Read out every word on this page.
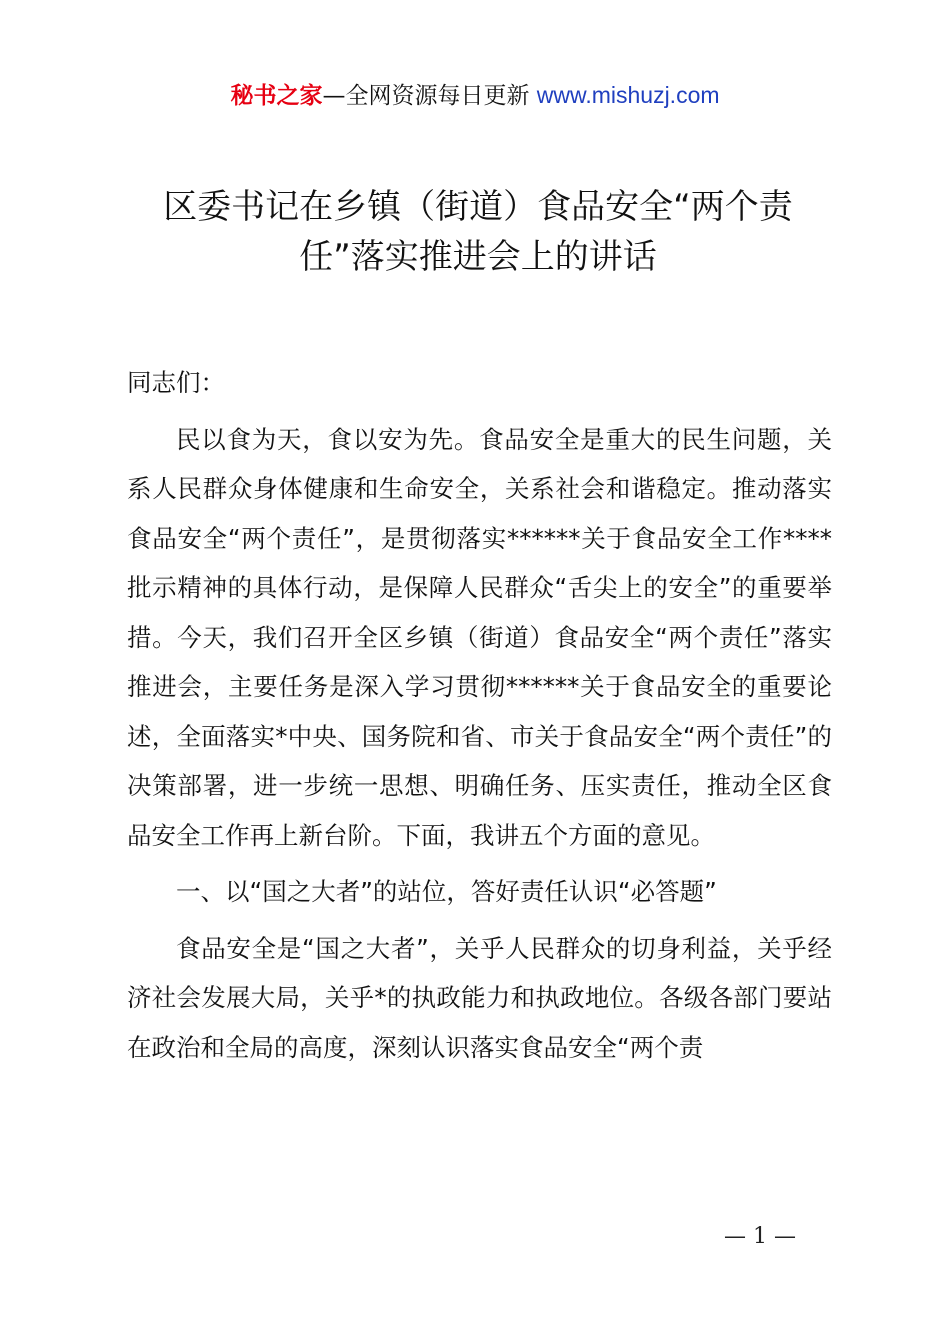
秘书之家—全网资源每日更新 www.mishuzj.com
区委书记在乡镇（街道）食品安全“两个责任”落实推进会上的讲话
同志们：

民以食为天，食以安为先。食品安全是重大的民生问题，关系人民群众身体健康和生命安全，关系社会和谐稳定。推动落实食品安全“两个责任”，是贯彻落实******关于食品安全工作****批示精神的具体行动，是保障人民群众“舌尖上的安全”的重要举措。今天，我们召开全区乡镇（街道）食品安全“两个责任”落实推进会，主要任务是深入学习贯彻******关于食品安全的重要论述，全面落实*中央、国务院和省、市关于食品安全“两个责任”的决策部署，进一步统一思想、明确任务、压实责任，推动全区食品安全工作再上新台阶。下面，我讲五个方面的意见。

一、以“国之大者”的站位，答好责任认识“必答题”

食品安全是“国之大者”，关乎人民群众的切身利益，关乎经济社会发展大局，关乎*的执政能力和执政地位。各级各部门要站在政治和全局的高度，深刻认识落实食品安全“两个责

— 1 —
